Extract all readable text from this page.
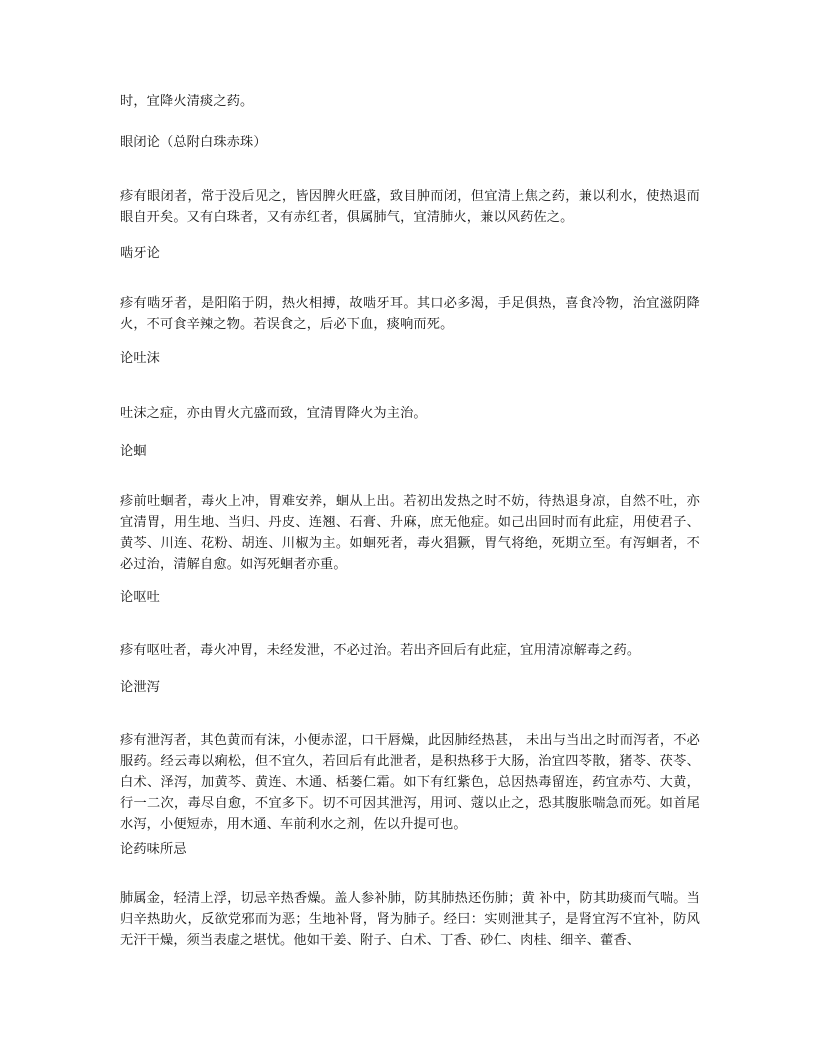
时，宜降火清痰之药。

眼闭论（总附白珠赤珠）

疹有眼闭者，常于没后见之，皆因脾火旺盛，致目肿而闭，但宜清上焦之药，兼以利水，使热退而眼自开矣。又有白珠者，又有赤红者，俱属肺气，宜清肺火，兼以风药佐之。

啮牙论

疹有啮牙者，是阳陷于阴，热火相搏，故啮牙耳。其口必多渴，手足俱热，喜食冷物，治宜滋阴降火，不可食辛辣之物。若误食之，后必下血，痰响而死。

论吐沫

吐沫之症，亦由胃火亢盛而致，宜清胃降火为主治。

论蛔

疹前吐蛔者，毒火上冲，胃难安养，蛔从上出。若初出发热之时不妨，待热退身凉，自然不吐，亦宜清胃，用生地、当归、丹皮、连翘、石膏、升麻，庶无他症。如己出回时而有此症，用使君子、黄芩、川连、花粉、胡连、川椒为主。如蛔死者，毒火猖獗，胃气将绝，死期立至。有泻蛔者，不必过治，清解自愈。如泻死蛔者亦重。

论呕吐

疹有呕吐者，毒火冲胃，未经发泄，不必过治。若出齐回后有此症，宜用清凉解毒之药。

论泄泻

疹有泄泻者，其色黄而有沫，小便赤涩，口干唇燥，此因肺经热甚， 未出与当出之时而泻者，不必服药。经云毒以痢松，但不宜久，若回后有此泄者，是积热移于大肠，治宜四苓散，猪苓、茯苓、白术、泽泻，加黄芩、黄连、木通、栝蒌仁霜。如下有红紫色，总因热毒留连，药宜赤芍、大黄，行一二次，毒尽自愈，不宜多下。切不可因其泄泻，用诃、蔻以止之，恐其腹胀喘急而死。如首尾水泻，小便短赤，用木通、车前利水之剂，佐以升提可也。

论药味所忌

肺属金，轻清上浮，切忌辛热香燥。盖人参补肺，防其肺热还伤肺；黄 补中，防其助痰而气喘。当归辛热助火，反欲党邪而为恶；生地补肾，肾为肺子。经曰：实则泄其子，是肾宜泻不宜补，防风无汗干燥，须当表虚之堪忧。他如干姜、附子、白术、丁香、砂仁、肉桂、细辛、藿香、
